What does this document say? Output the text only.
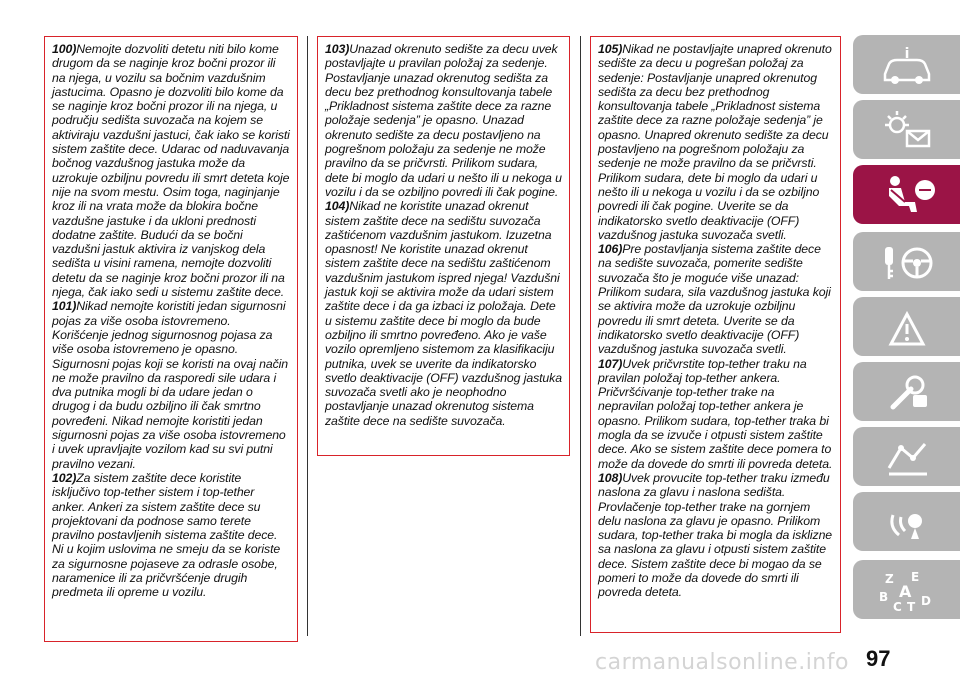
100)Nemojte dozvoliti detetu niti bilo kome drugom da se naginje kroz bočni prozor ili na njega, u vozilu sa bočnim vazdušnim jastucima. Opasno je dozvoliti bilo kome da se naginje kroz bočni prozor ili na njega, u području sedišta suvozača na kojem se aktiviraju vazdušni jastuci, čak iako se koristi sistem zaštite dece. Udarac od naduvavanja bočnog vazdušnog jastuka može da uzrokuje ozbiljnu povredu ili smrt deteta koje nije na svom mestu. Osim toga, naginjanje kroz ili na vrata može da blokira bočne vazdušne jastuke i da ukloni prednosti dodatne zaštite. Budući da se bočni vazdušni jastuk aktivira iz vanjskog dela sedišta u visini ramena, nemojte dozvoliti detetu da se naginje kroz bočni prozor ili na njega, čak iako sedi u sistemu zaštite dece.

101)Nikad nemojte koristiti jedan sigurnosni pojas za više osoba istovremeno. Korišćenje jednog sigurnosnog pojasa za više osoba istovremeno je opasno. Sigurnosni pojas koji se koristi na ovaj način ne može pravilno da rasporedi sile udara i dva putnika mogli bi da udare jedan o drugog i da budu ozbiljno ili čak smrtno povređeni. Nikad nemojte koristiti jedan sigurnosni pojas za više osoba istovremeno i uvek upravljajte vozilom kad su svi putni pravilno vezani.

102)Za sistem zaštite dece koristite isključivo top-tether sistem i top-tether anker. Ankeri za sistem zaštite dece su projektovani da podnose samo terete pravilno postavljenih sistema zaštite dece. Ni u kojim uslovima ne smeju da se koriste za sigurnosne pojaseve za odrasle osobe, naramenice ili za pričvršćenje drugih predmeta ili opreme u vozilu.

103)Unazad okrenuto sedište za decu uvek postavljajte u pravilan položaj za sedenje. Postavljanje unazad okrenutog sedišta za decu bez prethodnog konsultovanja tabele „Prikladnost sistema zaštite dece za razne položaje sedenja” je opasno. Unazad okrenuto sedište za decu postavljeno na pogrešnom položaju za sedenje ne može pravilno da se pričvrsti. Prilikom sudara, dete bi moglo da udari u nešto ili u nekoga u vozilu i da se ozbiljno povredi ili čak pogine.

104)Nikad ne koristite unazad okrenut sistem zaštite dece na sedištu suvozača zaštićenom vazdušnim jastukom. Izuzetna opasnost! Ne koristite unazad okrenut sistem zaštite dece na sedištu zaštićenom vazdušnim jastukom ispred njega! Vazdušni jastuk koji se aktivira može da udari sistem zaštite dece i da ga izbaci iz položaja. Dete u sistemu zaštite dece bi moglo da bude ozbiljno ili smrtno povređeno. Ako je vaše vozilo opremljeno sistemom za klasifikaciju putnika, uvek se uverite da indikatorsko svetlo deaktivacije (OFF) vazdušnog jastuka suvozača svetli ako je neophodno postavljanje unazad okrenutog sistema zaštite dece na sedište suvozača.

105)Nikad ne postavljajte unapred okrenuto sedište za decu u pogrešan položaj za sedenje: Postavljanje unapred okrenutog sedišta za decu bez prethodnog konsultovanja tabele „Prikladnost sistema zaštite dece za razne položaje sedenja” je opasno. Unapred okrenuto sedište za decu postavljeno na pogrešnom položaju za sedenje ne može pravilno da se pričvrsti. Prilikom sudara, dete bi moglo da udari u nešto ili u nekoga u vozilu i da se ozbiljno povredi ili čak pogine. Uverite se da indikatorsko svetlo deaktivacije (OFF) vazdušnog jastuka suvozača svetli.

106)Pre postavljanja sistema zaštite dece na sedište suvozača, pomerite sedište suvozača što je moguće više unazad: Prilikom sudara, sila vazdušnog jastuka koji se aktivira može da uzrokuje ozbiljnu povredu ili smrt deteta. Uverite se da indikatorsko svetlo deaktivacije (OFF) vazdušnog jastuka suvozača svetli.

107)Uvek pričvrstite top-tether traku na pravilan položaj top-tether ankera. Pričvršćivanje top-tether trake na nepravilan položaj top-tether ankera je opasno. Prilikom sudara, top-tether traka bi mogla da se izvuče i otpusti sistem zaštite dece. Ako se sistem zaštite dece pomera to može da dovede do smrti ili povreda deteta.

108)Uvek provucite top-tether traku između naslona za glavu i naslona sedišta. Provlačenje top-tether trake na gornjem delu naslona za glavu je opasno. Prilikom sudara, top-tether traka bi mogla da isklizne sa naslona za glavu i otpusti sistem zaštite dece. Sistem zaštite dece bi mogao da se pomeri to može da dovede do smrti ili povreda deteta.

i
Z E
B A
C T D
carmanualsonline.info 97
